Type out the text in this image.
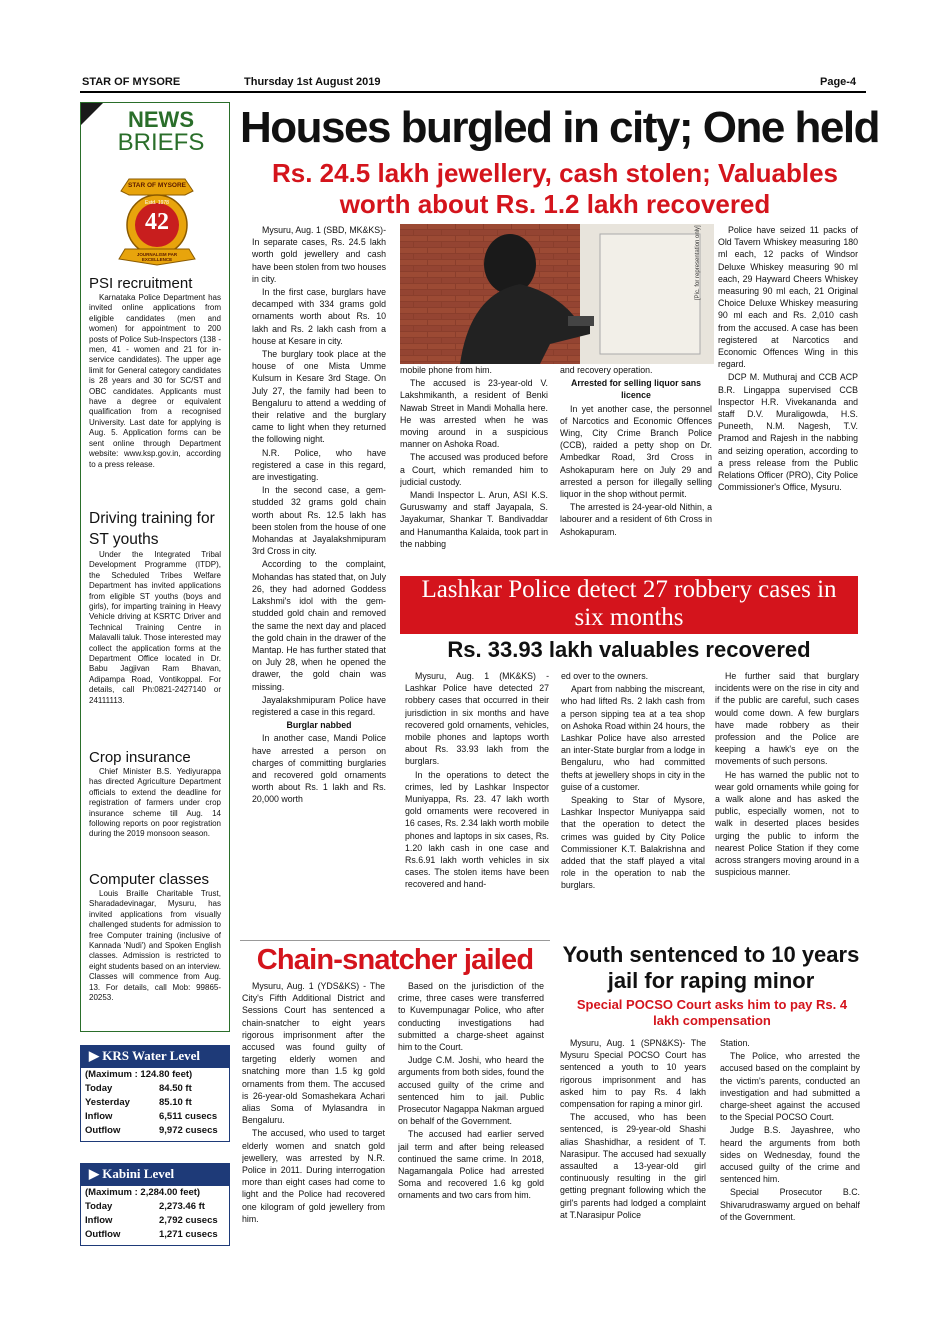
STAR OF MYSORE	Thursday 1st August 2019	Page-4
NEWS
BRIEFS
STAR OF MYSORE
Estd. 1978
42
JOURNALISM PAR EXCELLENCE
PSI recruitment
Karnataka Police Department has invited online applications from eligible candidates (men and women) for appointment to 200 posts of Police Sub-Inspectors (138 - men, 41 - women and 21 for in-service candidates). The upper age limit for General category candidates is 28 years and 30 for SC/ST and OBC candidates. Applicants must have a degree or equivalent qualification from a recognised University. Last date for applying is Aug. 5. Application forms can be sent online through Department website: www.ksp.gov.in, according to a press release.
Driving training for ST youths
Under the Integrated Tribal Development Programme (ITDP), the Scheduled Tribes Welfare Department has invited applications from eligible ST youths (boys and girls), for imparting training in Heavy Vehicle driving at KSRTC Driver and Technical Training Centre in Malavalli taluk. Those interested may collect the application forms at the Department Office located in Dr. Babu Jagjivan Ram Bhavan, Adipampa Road, Vontikoppal. For details, call Ph:0821-2427140 or 24111113.
Crop insurance
Chief Minister B.S. Yediyurappa has directed Agriculture Department officials to extend the deadline for registration of farmers under crop insurance scheme till Aug. 14 following reports on poor registration during the 2019 monsoon season.
Computer classes
Louis Braille Charitable Trust, Sharadadevinagar, Mysuru, has invited applications from visually challenged students for admission to free Computer training (inclusive of Kannada 'Nudi') and Spoken English classes. Admission is restricted to eight students based on an interview. Classes will commence from Aug. 13. For details, call Mob: 99865-20253.
▶ KRS Water Level
(Maximum : 124.80 feet)
Today	84.50 ft
Yesterday	85.10 ft
Inflow	6,511 cusecs
Outflow	9,972 cusecs
▶ Kabini Level
(Maximum : 2,284.00 feet)
Today	2,273.46 ft
Inflow	2,792 cusecs
Outflow	1,271 cusecs
Houses burgled in city; One held
Rs. 24.5 lakh jewellery, cash stolen; Valuables worth about Rs. 1.2 lakh recovered

Mysuru, Aug. 1 (SBD, MK&KS)- In separate cases, Rs. 24.5 lakh worth gold jewellery and cash have been stolen from two houses in city.

In the first case, burglars have decamped with 334 grams gold ornaments worth about Rs. 10 lakh and Rs. 2 lakh cash from a house at Kesare in city.

The burglary took place at the house of one Mista Umme Kulsum in Kesare 3rd Stage. On July 27, the family had been to Bengaluru to attend a wedding of their relative and the burglary came to light when they returned the following night.

N.R. Police, who have registered a case in this regard, are investigating.

In the second case, a gem-studded 32 grams gold chain worth about Rs. 12.5 lakh has been stolen from the house of one Mohandas at Jayalakshmipuram 3rd Cross in city.

According to the complaint, Mohandas has stated that, on July 26, they had adorned Goddess Lakshmi's idol with the gem-studded gold chain and removed the same the next day and placed the gold chain in the drawer of the Mantap. He has further stated that on July 28, when he opened the drawer, the gold chain was missing.

Jayalakshmipuram Police have registered a case in this regard.

Burglar nabbed

In another case, Mandi Police have arrested a person on charges of committing burglaries and recovered gold ornaments worth about Rs. 1 lakh and Rs. 20,000 worth

[Pic. for representation only]

mobile phone from him.

The accused is 23-year-old V. Lakshmikanth, a resident of Benki Nawab Street in Mandi Mohalla here. He was arrested when he was moving around in a suspicious manner on Ashoka Road.

The accused was produced before a Court, which remanded him to judicial custody.

Mandi Inspector L. Arun, ASI K.S. Guruswamy and staff Jayapala, S. Jayakumar, Shankar T. Bandivaddar and Hanumantha Kalaida, took part in the nabbing

and recovery operation.

Arrested for selling liquor sans licence

In yet another case, the personnel of Narcotics and Economic Offences Wing, City Crime Branch Police (CCB), raided a petty shop on Dr. Ambedkar Road, 3rd Cross in Ashokapuram here on July 29 and arrested a person for illegally selling liquor in the shop without permit.

The arrested is 24-year-old Nithin, a labourer and a resident of 6th Cross in Ashokapuram.

Police have seized 11 packs of Old Tavern Whiskey measuring 180 ml each, 12 packs of Windsor Deluxe Whiskey measuring 90 ml each, 29 Hayward Cheers Whiskey measuring 90 ml each, 21 Original Choice Deluxe Whiskey measuring 90 ml each and Rs. 2,010 cash from the accused. A case has been registered at Narcotics and Economic Offences Wing in this regard.

DCP M. Muthuraj and CCB ACP B.R. Lingappa supervised CCB Inspector H.R. Vivekananda and staff D.V. Muraligowda, H.S. Puneeth, N.M. Nagesh, T.V. Pramod and Rajesh in the nabbing and seizing operation, according to a press release from the Public Relations Officer (PRO), City Police Commissioner's Office, Mysuru.

Lashkar Police detect 27 robbery cases in six months
Rs. 33.93 lakh valuables recovered

Mysuru, Aug. 1 (MK&KS) - Lashkar Police have detected 27 robbery cases that occurred in their jurisdiction in six months and have recovered gold ornaments, vehicles, mobile phones and laptops worth about Rs. 33.93 lakh from the burglars.

In the operations to detect the crimes, led by Lashkar Inspector Muniyappa, Rs. 23. 47 lakh worth gold ornaments were recovered in 16 cases, Rs. 2.34 lakh worth mobile phones and laptops in six cases, Rs. 1.20 lakh cash in one case and Rs.6.91 lakh worth vehicles in six cases. The stolen items have been recovered and hand-

ed over to the owners.

Apart from nabbing the miscreant, who had lifted Rs. 2 lakh cash from a person sipping tea at a tea shop on Ashoka Road within 24 hours, the Lashkar Police have also arrested an inter-State burglar from a lodge in Bengaluru, who had committed thefts at jewellery shops in city in the guise of a customer.

Speaking to Star of Mysore, Lashkar Inspector Muniyappa said that the operation to detect the crimes was guided by City Police Commissioner K.T. Balakrishna and added that the staff played a vital role in the operation to nab the burglars.

He further said that burglary incidents were on the rise in city and if the public are careful, such cases would come down. A few burglars have made robbery as their profession and the Police are keeping a hawk's eye on the movements of such persons.

He has warned the public not to wear gold ornaments while going for a walk alone and has asked the public, especially women, not to walk in deserted places besides urging the public to inform the nearest Police Station if they come across strangers moving around in a suspicious manner.

Chain-snatcher jailed

Mysuru, Aug. 1 (YDS&KS) - The City's Fifth Additional District and Sessions Court has sentenced a chain-snatcher to eight years rigorous imprisonment after the accused was found guilty of targeting elderly women and snatching more than 1.5 kg gold ornaments from them. The accused is 26-year-old Somashekara Achari alias Soma of Mylasandra in Bengaluru.

The accused, who used to target elderly women and snatch gold jewellery, was arrested by N.R. Police in 2011. During interrogation more than eight cases had come to light and the Police had recovered one kilogram of gold jewellery from him.

Based on the jurisdiction of the crime, three cases were transferred to Kuvempunagar Police, who after conducting investigations had submitted a charge-sheet against him to the Court.

Judge C.M. Joshi, who heard the arguments from both sides, found the accused guilty of the crime and sentenced him to jail. Public Prosecutor Nagappa Nakman argued on behalf of the Government.

The accused had earlier served jail term and after being released continued the same crime. In 2018, Nagamangala Police had arrested Soma and recovered 1.6 kg gold ornaments and two cars from him.

Youth sentenced to 10 years jail for raping minor
Special POCSO Court asks him to pay Rs. 4 lakh compensation

Mysuru, Aug. 1 (SPN&KS)- The Mysuru Special POCSO Court has sentenced a youth to 10 years rigorous imprisonment and has asked him to pay Rs. 4 lakh compensation for raping a minor girl.

The accused, who has been sentenced, is 29-year-old Shashi alias Shashidhar, a resident of T. Narasipur. The accused had sexually assaulted a 13-year-old girl continuously resulting in the girl getting pregnant following which the girl's parents had lodged a complaint at T.Narasipur Police

Station.

The Police, who arrested the accused based on the complaint by the victim's parents, conducted an investigation and had submitted a charge-sheet against the accused to the Special POCSO Court.

Judge B.S. Jayashree, who heard the arguments from both sides on Wednesday, found the accused guilty of the crime and sentenced him.

Special Prosecutor B.C. Shivarudraswamy argued on behalf of the Government.
